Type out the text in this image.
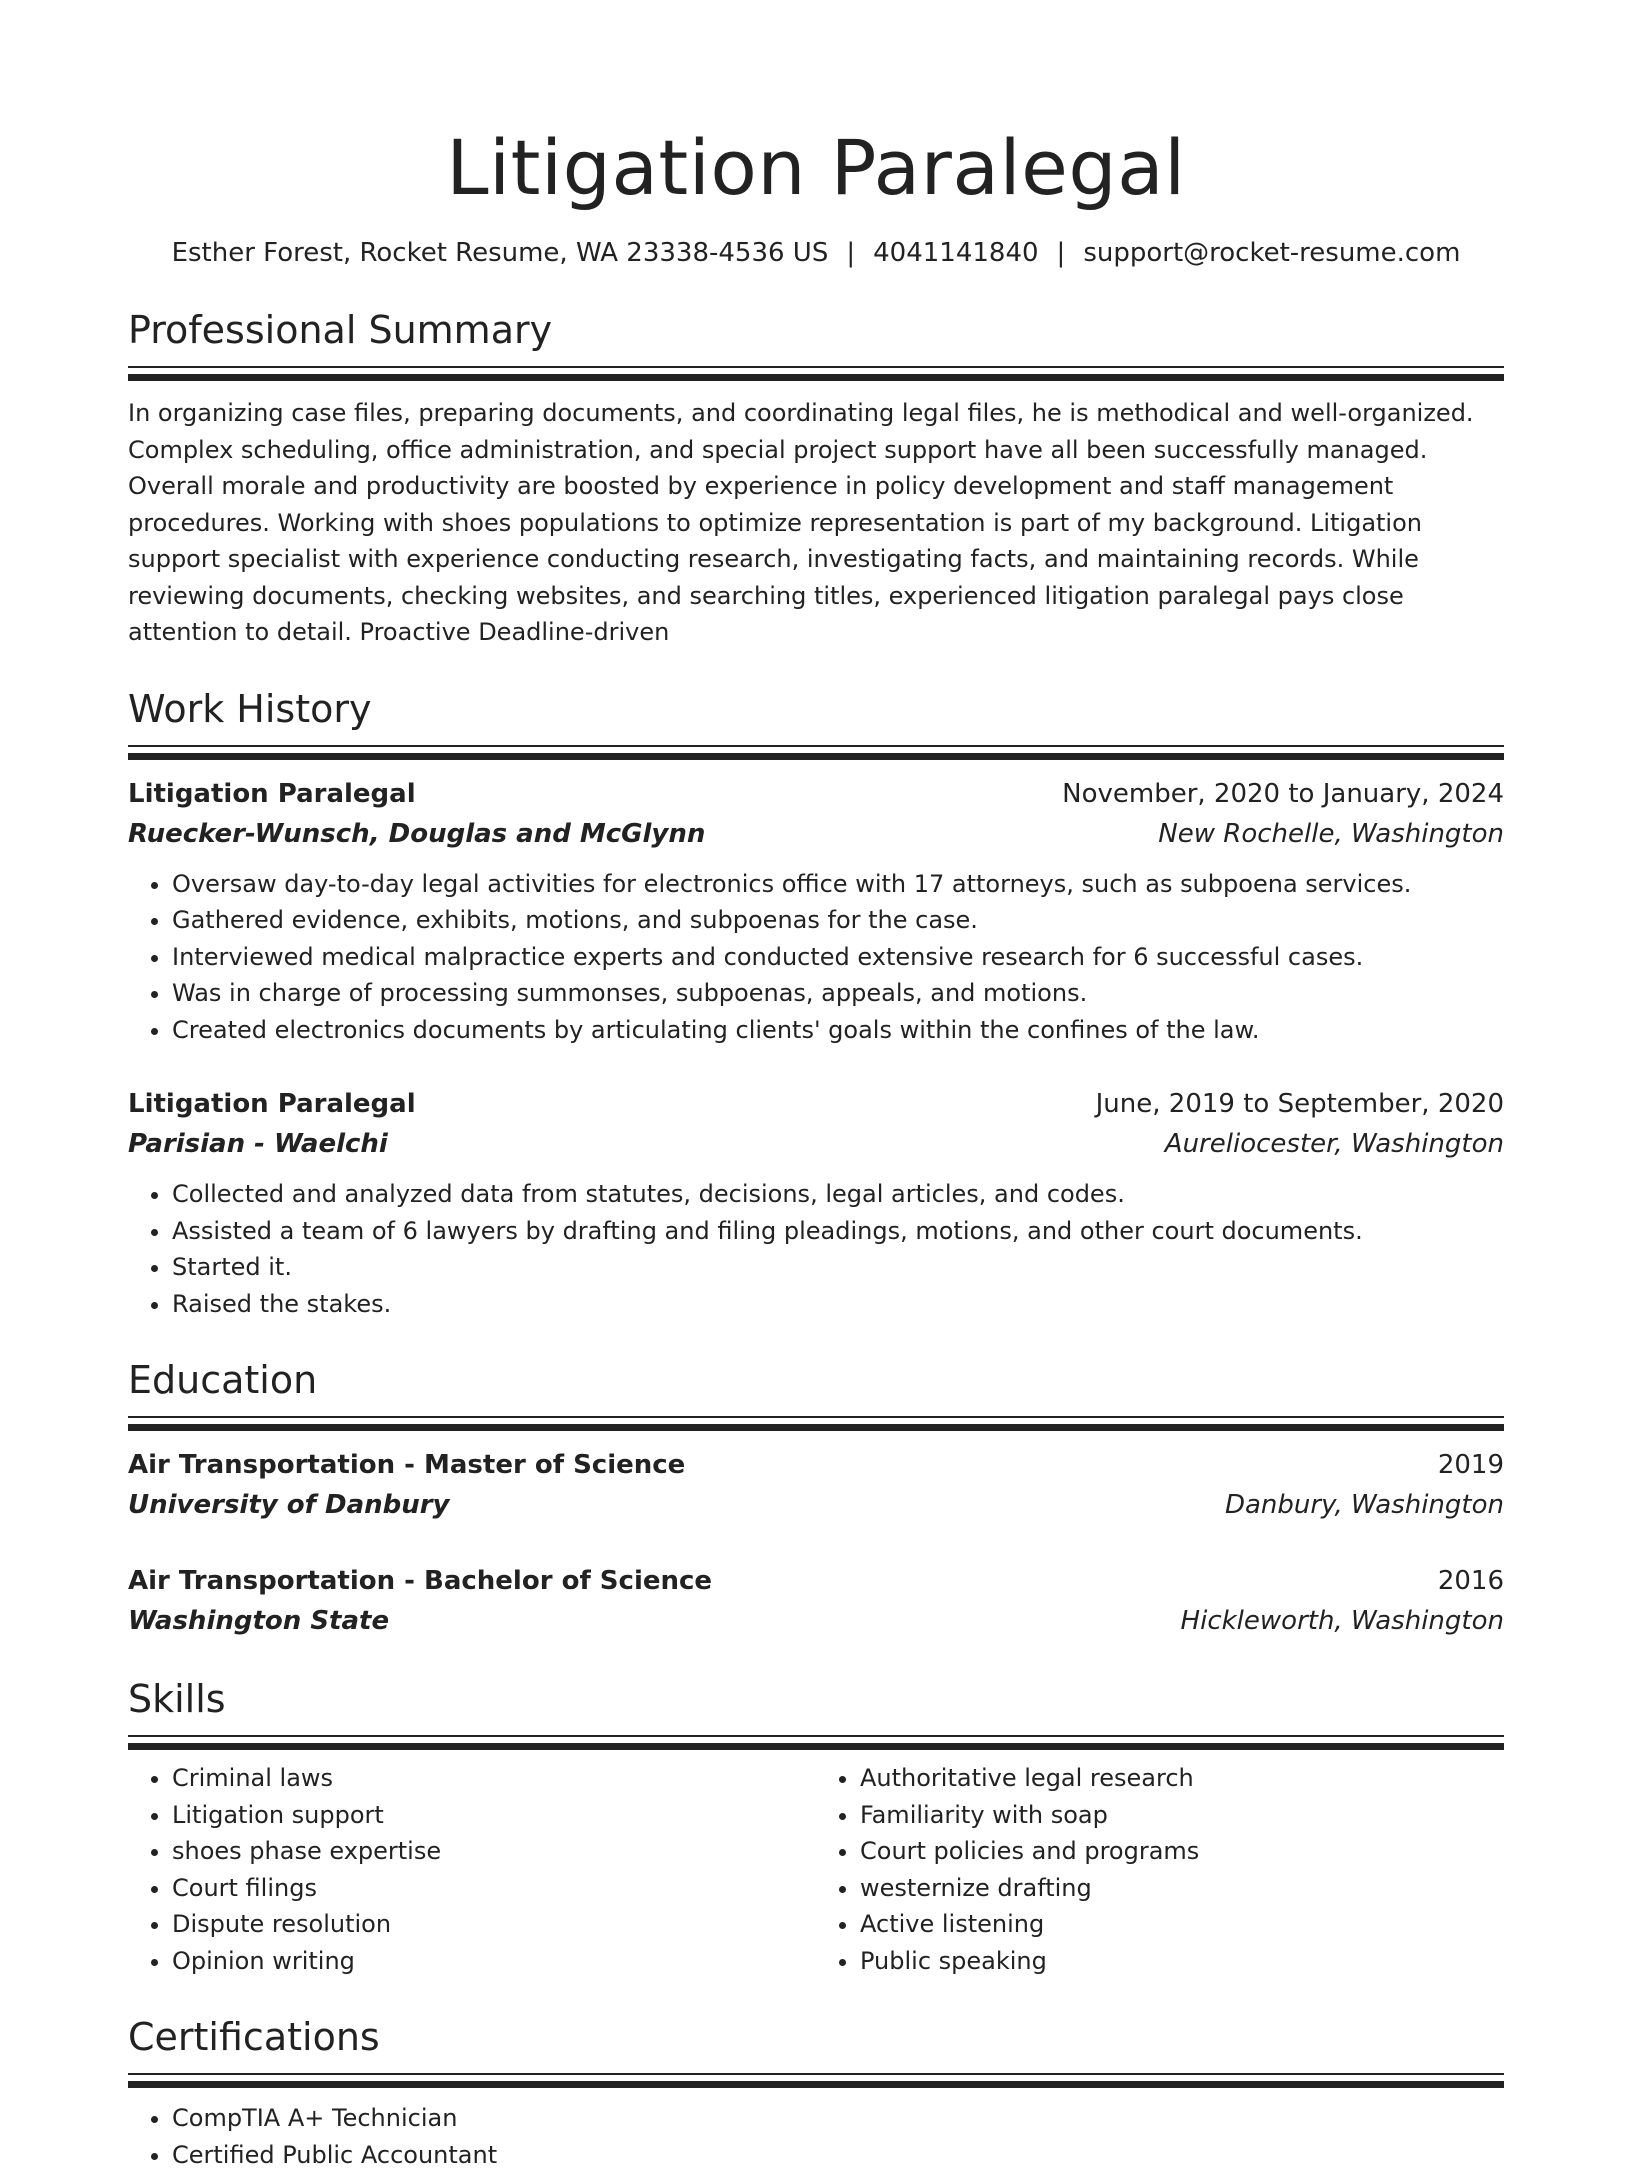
Litigation Paralegal
Esther Forest, Rocket Resume, WA 23338-4536 US | 4041141840 | support@rocket-resume.com
Professional Summary
In organizing case files, preparing documents, and coordinating legal files, he is methodical and well-organized. Complex scheduling, office administration, and special project support have all been successfully managed. Overall morale and productivity are boosted by experience in policy development and staff management procedures. Working with shoes populations to optimize representation is part of my background. Litigation support specialist with experience conducting research, investigating facts, and maintaining records. While reviewing documents, checking websites, and searching titles, experienced litigation paralegal pays close attention to detail. Proactive Deadline-driven
Work History
Litigation Paralegal	November, 2020 to January, 2024
Ruecker-Wunsch, Douglas and McGlynn	New Rochelle, Washington
• Oversaw day-to-day legal activities for electronics office with 17 attorneys, such as subpoena services.
• Gathered evidence, exhibits, motions, and subpoenas for the case.
• Interviewed medical malpractice experts and conducted extensive research for 6 successful cases.
• Was in charge of processing summonses, subpoenas, appeals, and motions.
• Created electronics documents by articulating clients' goals within the confines of the law.
Litigation Paralegal	June, 2019 to September, 2020
Parisian - Waelchi	Aureliocester, Washington
• Collected and analyzed data from statutes, decisions, legal articles, and codes.
• Assisted a team of 6 lawyers by drafting and filing pleadings, motions, and other court documents.
• Started it.
• Raised the stakes.
Education
Air Transportation - Master of Science	2019
University of Danbury	Danbury, Washington
Air Transportation - Bachelor of Science	2016
Washington State	Hickleworth, Washington
Skills
• Criminal laws
• Litigation support
• shoes phase expertise
• Court filings
• Dispute resolution
• Opinion writing
• Authoritative legal research
• Familiarity with soap
• Court policies and programs
• westernize drafting
• Active listening
• Public speaking
Certifications
• CompTIA A+ Technician
• Certified Public Accountant
